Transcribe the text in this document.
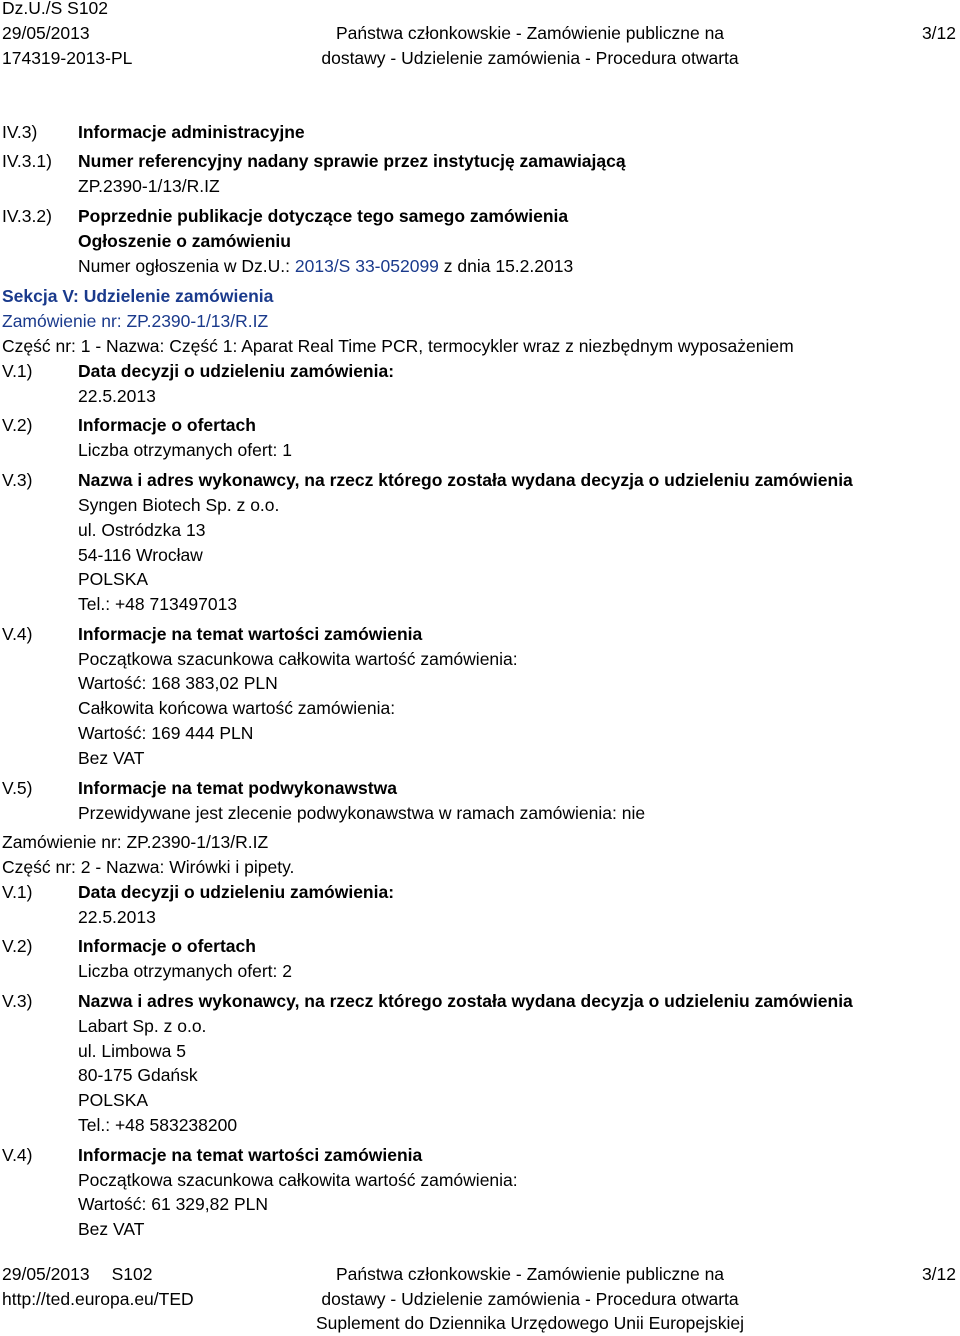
Dz.U./S S102
29/05/2013
174319-2013-PL
Państwa członkowskie - Zamówienie publiczne na
dostawy - Udzielenie zamówienia - Procedura otwarta
3/12
IV.3) Informacje administracyjne
IV.3.1) Numer referencyjny nadany sprawie przez instytucję zamawiającą
ZP.2390-1/13/R.IZ
IV.3.2) Poprzednie publikacje dotyczące tego samego zamówienia
Ogłoszenie o zamówieniu
Numer ogłoszenia w Dz.U.: 2013/S 33-052099 z dnia 15.2.2013
Sekcja V: Udzielenie zamówienia
Zamówienie nr: ZP.2390-1/13/R.IZ
Część nr: 1 - Nazwa: Część 1: Aparat Real Time PCR, termocykler wraz z niezbędnym wyposażeniem
V.1)	Data decyzji o udzieleniu zamówienia:
22.5.2013
V.2)	Informacje o ofertach
Liczba otrzymanych ofert: 1
V.3)	Nazwa i adres wykonawcy, na rzecz którego została wydana decyzja o udzieleniu zamówienia
Syngen Biotech Sp. z o.o.
ul. Ostródzka 13
54-116 Wrocław
POLSKA
Tel.: +48 713497013
V.4)	Informacje na temat wartości zamówienia
Początkowa szacunkowa całkowita wartość zamówienia:
Wartość: 168 383,02 PLN
Całkowita końcowa wartość zamówienia:
Wartość: 169 444 PLN
Bez VAT
V.5)	Informacje na temat podwykonawstwa
Przewidywane jest zlecenie podwykonawstwa w ramach zamówienia: nie
Zamówienie nr: ZP.2390-1/13/R.IZ
Część nr: 2 - Nazwa: Wirówki i pipety.
V.1)	Data decyzji o udzieleniu zamówienia:
22.5.2013
V.2)	Informacje o ofertach
Liczba otrzymanych ofert: 2
V.3)	Nazwa i adres wykonawcy, na rzecz którego została wydana decyzja o udzieleniu zamówienia
Labart Sp. z o.o.
ul. Limbowa 5
80-175 Gdańsk
POLSKA
Tel.: +48 583238200
V.4)	Informacje na temat wartości zamówienia
Początkowa szacunkowa całkowita wartość zamówienia:
Wartość: 61 329,82 PLN
Bez VAT
29/05/2013 S102
http://ted.europa.eu/TED
Państwa członkowskie - Zamówienie publiczne na
dostawy - Udzielenie zamówienia - Procedura otwarta
Suplement do Dziennika Urzędowego Unii Europejskiej
3/12
